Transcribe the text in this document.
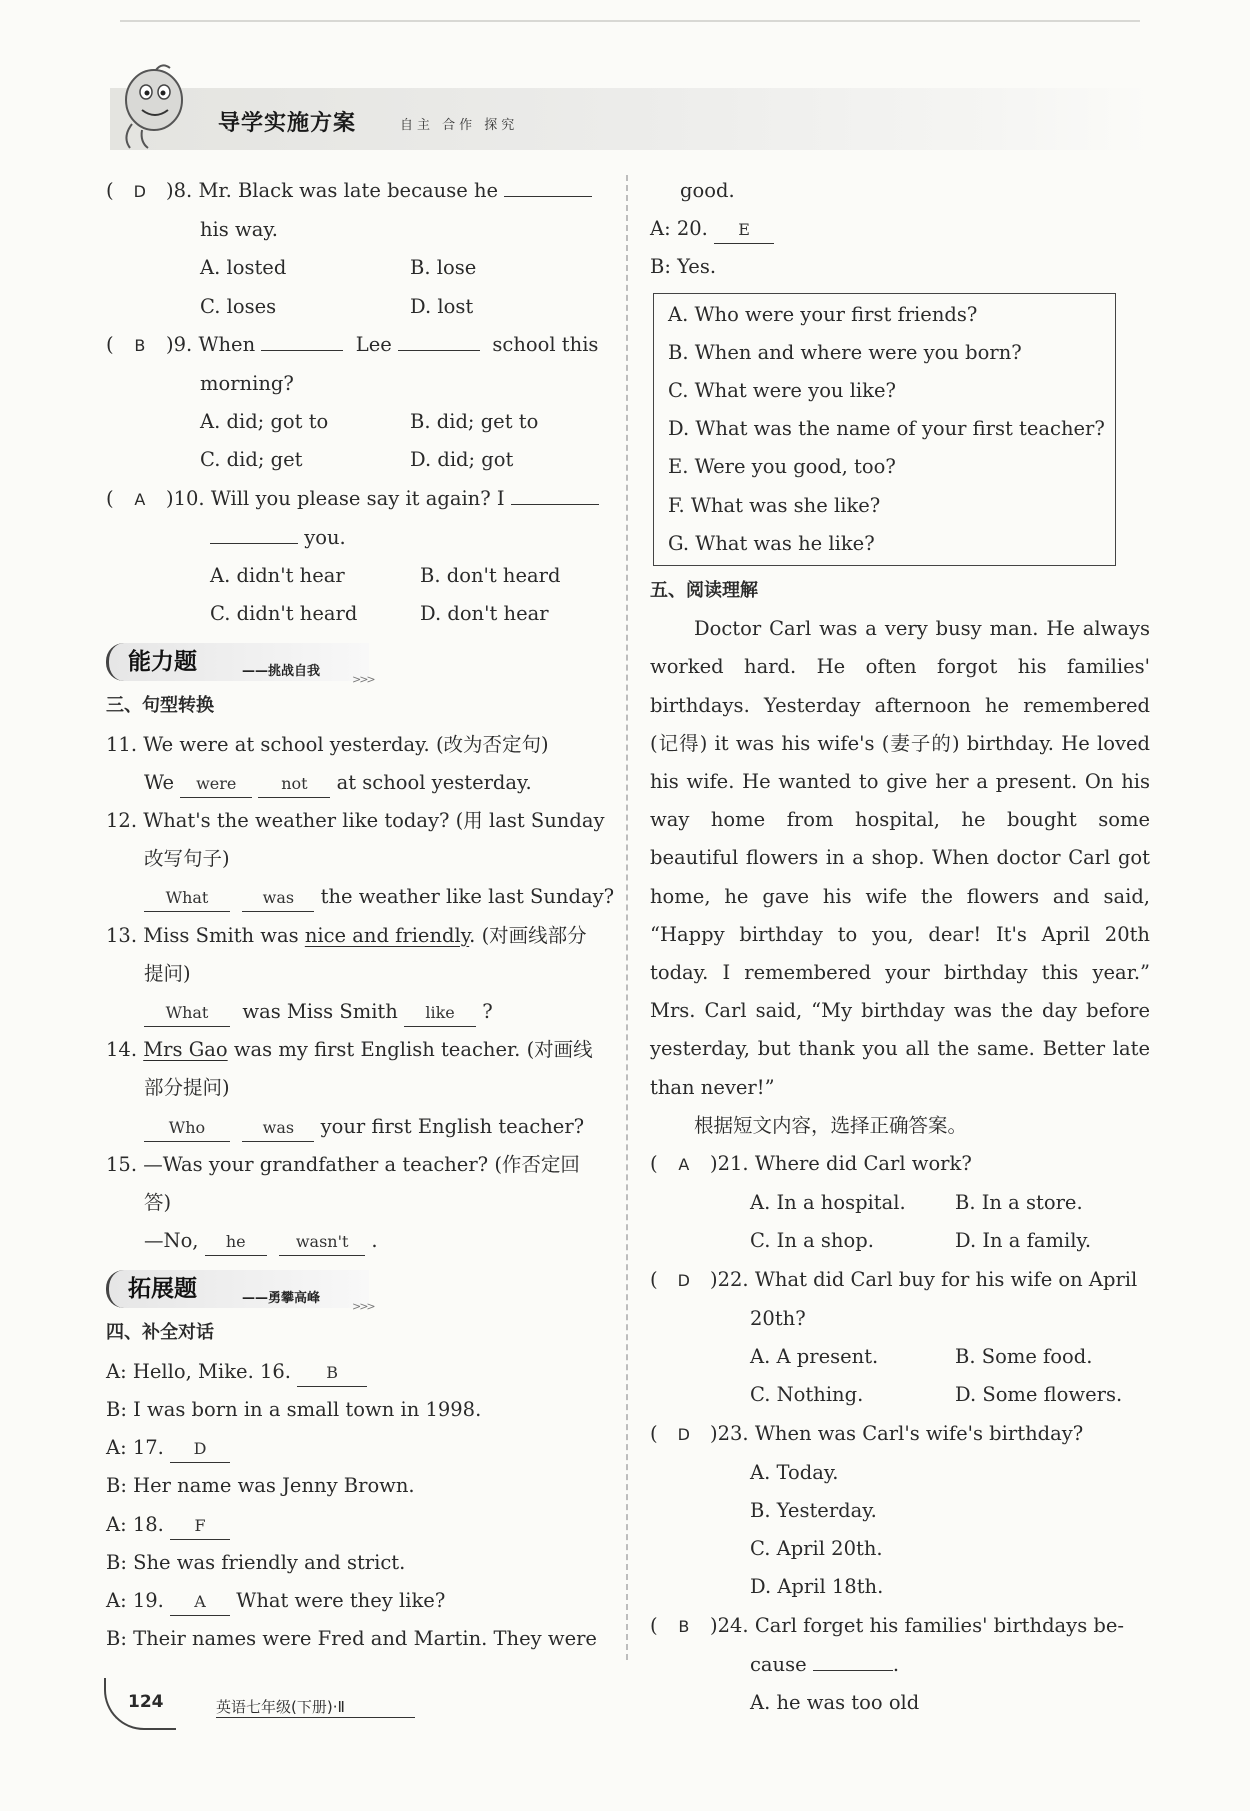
导学实施方案	自主 合作 探究
( D )8. Mr. Black was late because he
his way.
A. losted	B. lose
C. loses	D. lost
( B )9. When	Lee	school this
morning?
A. did; got to	B. did; get to
C. did; get	D. did; got
( A )10. Will you please say it again? I
you.
A. didn't hear	B. don't heard
C. didn't heard	D. don't hear
能力题	——挑战自我
>>>
三、句型转换
11. We were at school yesterday. (改为否定句)
We were	not at school yesterday.
12. What's the weather like today? (用 last Sunday
改写句子)
What	was the weather like last Sunday?
13. Miss Smith was nice and friendly. (对画线部分
提问)
What was Miss Smith like ?
14. Mrs Gao was my first English teacher. (对画线
部分提问)
Who	was your first English teacher?
15. —Was your grandfather a teacher? (作否定回
答)
—No, he	wasn't .
拓展题	——勇攀高峰
>>>
四、补全对话
A: Hello, Mike. 16. B
B: I was born in a small town in 1998.
A: 17. D
B: Her name was Jenny Brown.
A: 18. F
B: She was friendly and strict.
A: 19. A What were they like?
B: Their names were Fred and Martin. They were
good.
A: 20. E
B: Yes.
A. Who were your first friends?
B. When and where were you born?
C. What were you like?
D. What was the name of your first teacher?
E. Were you good, too?
F. What was she like?
G. What was he like?
五、阅读理解

Doctor Carl was a very busy man. He always worked hard. He often forgot his families' birthdays. Yesterday afternoon he remembered (记得) it was his wife's (妻子的) birthday. He loved his wife. He wanted to give her a present. On his way home from hospital, he bought some beautiful flowers in a shop. When doctor Carl got home, he gave his wife the flowers and said, “Happy birthday to you, dear! It's April 20th today. I remembered your birthday this year.” Mrs. Carl said, “My birthday was the day before yesterday, but thank you all the same. Better late than never!”

根据短文内容，选择正确答案。
( A )21. Where did Carl work?
A. In a hospital.	B. In a store.
C. In a shop.	D. In a family.
( D )22. What did Carl buy for his wife on April
20th?
A. A present.	B. Some food.
C. Nothing.	D. Some flowers.
( D )23. When was Carl's wife's birthday?
A. Today.
B. Yesterday.
C. April 20th.
D. April 18th.
( B )24. Carl forget his families' birthdays be-
cause	.
A. he was too old
124	英语七年级(下册)·Ⅱ
